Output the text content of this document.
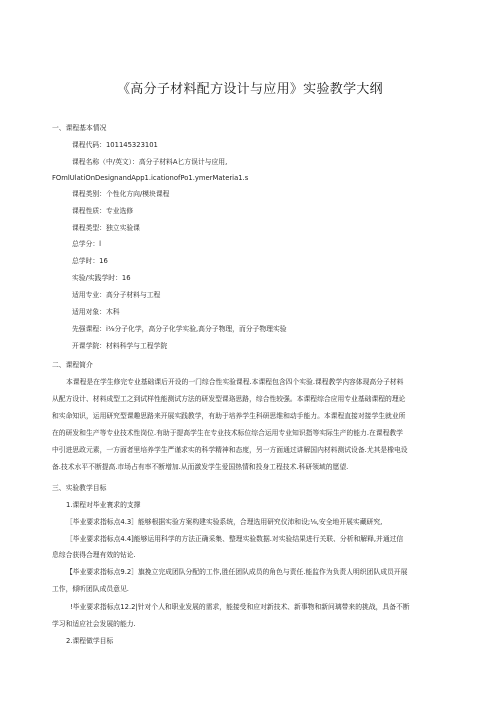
《高分子材料配方设计与应用》实验教学大纲
一、课程基本情况
课程代码：101145323101
课程名称（中/英文）：高分子材料A匕方误计与应用,
FOmlUlatiOnDesignandApp1.icationofPo1.ymerMateria1.s
课程类别：个性化方向/模块课程
课程性质：专业选修
课程类型：独立实验课
总学分：l
总学时：16
实验/实践学时：16
适用专业：高分子材料与工程
适用对象：木科
先强课程：i⅛分子化学，高分子化学实验,高分子物理，而分子物理实验
开课学院：材料科学与工程学院
二、课程简介
本课程是在学生修完专业基础课后开设的一门综合性实验课程.本课程包含四个实验.课程教学内容体现高分子材料
从配方设计、材料成型工之到试样性能测试方法的研发型课珞思路，综合性较强。本课程综合应用专业基础课程的理论
和实命知识，运用研究型课趣思路来开展实践教学，有助于培养学生科研思维和动手能力。本课程直接对接学生就业所
在的研发和生产等专业技术性岗位.有助于提高学生在专业技术标位综合运用专业知识指等实际生产的能力.在课程教学
中引进思政元素，一方面者里培养学生严谨求实的科学精神和态度，另一方面通过讲解国内材料测试设备.尤其是橡电设
备.技术水平不断提高.市场占有率不断增加.从而激发学生爱国热情和投身工程技术.科研领域的愿望.
三、实验教学目标
1.课程对毕业寰求的支撑
［毕业要求指标点4.3］能够根据实验方案构建实验系统，合理选用研究仪沛和设;⅛,安全地开展实藏研究,
［毕业要求指标点4.4]能够运用科学的方法正确采集、整理实验数据.对实验结果进行关联、分析和解释,并通过信
息综合获得合理有效的钻论.
【毕业要求指标点9.2］旗挽立完成团队分配的工作,胜任团队成员的角色与责任.能监作为负责人明织团队成员开展
工作，倾听团队成员意见.
!毕业要求指标点12.2|针对个人和职业发展的需求，能接受和应对新技术、新事物和新问璃带来的挑战，具备不断
学习和适应社会发展的能力.
2.课程做学目标
